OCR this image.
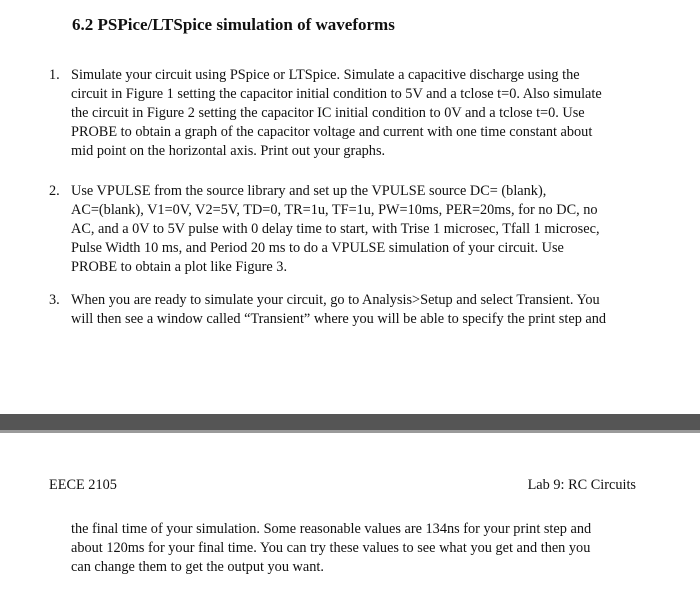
6.2 PSPice/LTSpice simulation of waveforms
1. Simulate your circuit using PSpice or LTSpice. Simulate a capacitive discharge using the
circuit in Figure 1 setting the capacitor initial condition to 5V and a tclose t=0. Also simulate
the circuit in Figure 2 setting the capacitor IC initial condition to 0V and a tclose t=0. Use
PROBE to obtain a graph of the capacitor voltage and current with one time constant about
mid point on the horizontal axis. Print out your graphs.
2. Use VPULSE from the source library and set up the VPULSE source DC= (blank),
AC=(blank), V1=0V, V2=5V, TD=0, TR=1u, TF=1u, PW=10ms, PER=20ms, for no DC, no
AC, and a 0V to 5V pulse with 0 delay time to start, with Trise 1 microsec, Tfall 1 microsec,
Pulse Width 10 ms, and Period 20 ms to do a VPULSE simulation of your circuit. Use
PROBE to obtain a plot like Figure 3.
3. When you are ready to simulate your circuit, go to Analysis>Setup and select Transient. You
will then see a window called “Transient” where you will be able to specify the print step and
EECE 2105	Lab 9: RC Circuits
the final time of your simulation. Some reasonable values are 134ns for your print step and
about 120ms for your final time. You can try these values to see what you get and then you
can change them to get the output you want.
